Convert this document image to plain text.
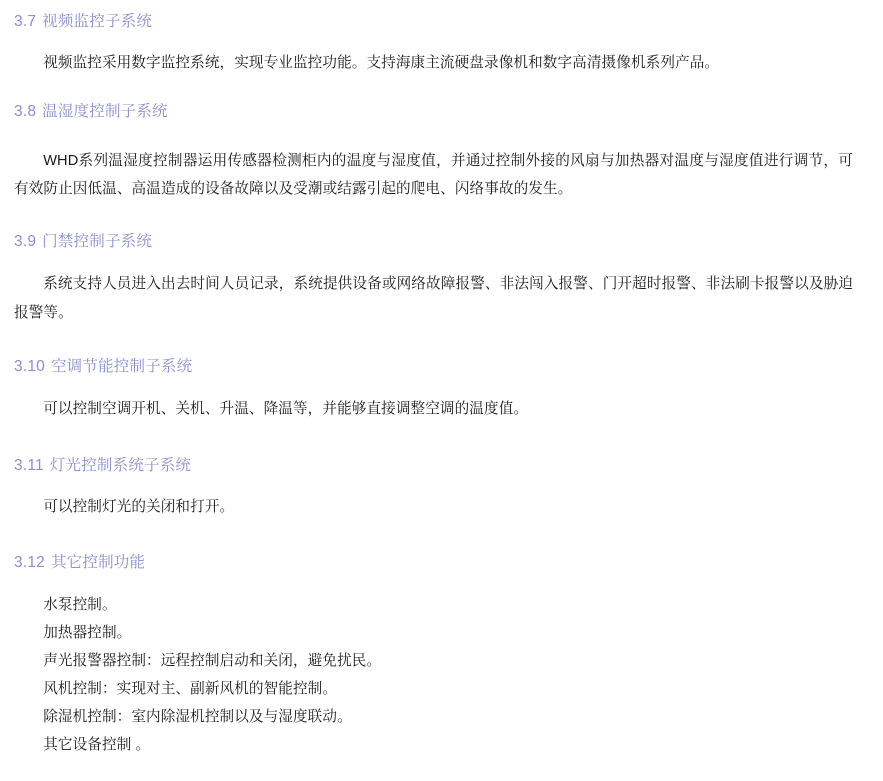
3.7 视频监控子系统

视频监控采用数字监控系统，实现专业监控功能。支持海康主流硬盘录像机和数字高清摄像机系列产品。

3.8 温湿度控制子系统

WHD系列温湿度控制器运用传感器检测柜内的温度与湿度值，并通过控制外接的风扇与加热器对温度与湿度值进行调节，可有效防止因低温、高温造成的设备故障以及受潮或结露引起的爬电、闪络事故的发生。

3.9 门禁控制子系统

系统支持人员进入出去时间人员记录，系统提供设备或网络故障报警、非法闯入报警、门开超时报警、非法刷卡报警以及胁迫报警等。

3.10 空调节能控制子系统

可以控制空调开机、关机、升温、降温等，并能够直接调整空调的温度值。

3.11 灯光控制系统子系统

可以控制灯光的关闭和打开。

3.12 其它控制功能
水泵控制。
加热器控制。
声光报警器控制：远程控制启动和关闭，避免扰民。
风机控制：实现对主、副新风机的智能控制。
除湿机控制：室内除湿机控制以及与湿度联动。
其它设备控制 。
